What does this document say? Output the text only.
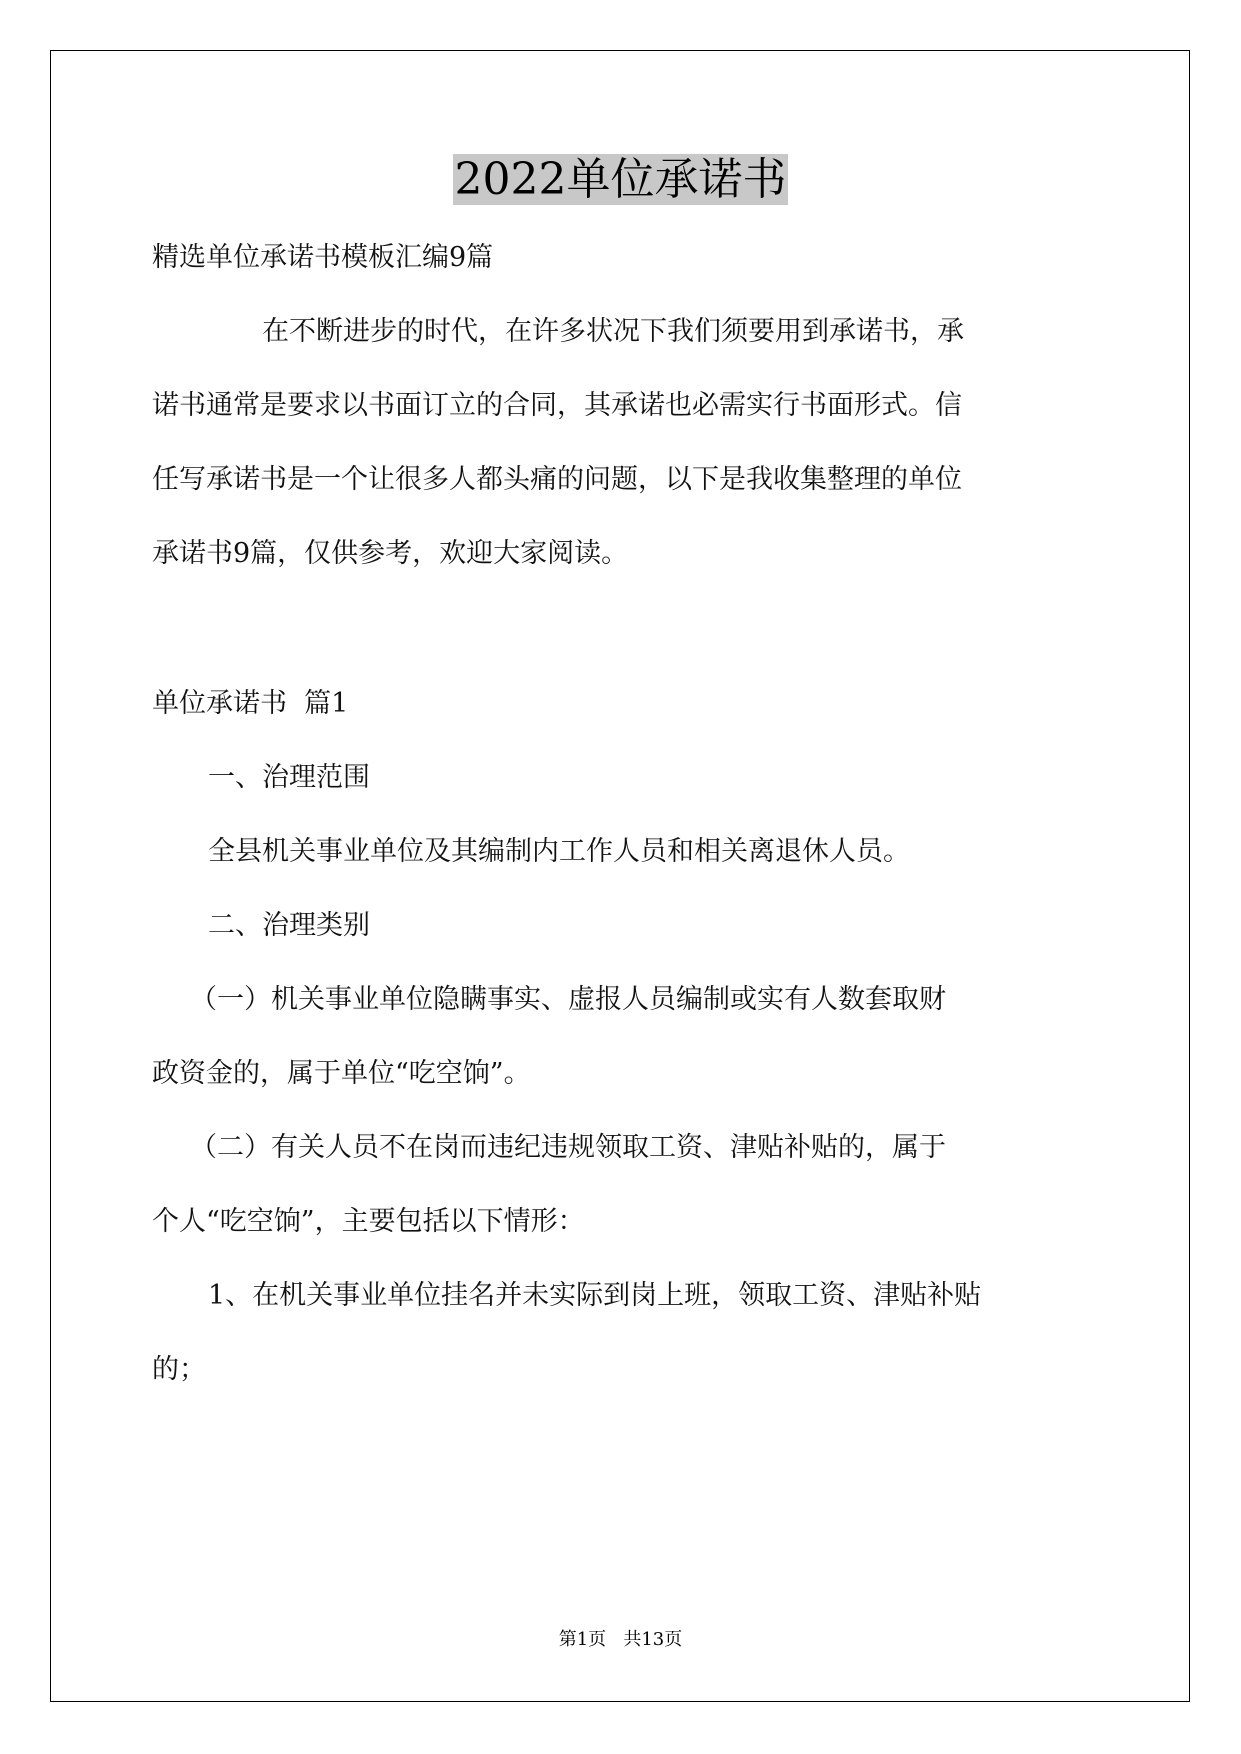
2022单位承诺书

精选单位承诺书模板汇编9篇

在不断进步的时代，在许多状况下我们须要用到承诺书，承

诺书通常是要求以书面订立的合同，其承诺也必需实行书面形式。信

任写承诺书是一个让很多人都头痛的问题，以下是我收集整理的单位

承诺书9篇，仅供参考，欢迎大家阅读。

单位承诺书  篇1

一、治理范围

全县机关事业单位及其编制内工作人员和相关离退休人员。

二、治理类别

（一）机关事业单位隐瞒事实、虚报人员编制或实有人数套取财

政资金的，属于单位“吃空饷”。

（二）有关人员不在岗而违纪违规领取工资、津贴补贴的，属于

个人“吃空饷”，主要包括以下情形：

1、在机关事业单位挂名并未实际到岗上班，领取工资、津贴补贴

的；

第1页   共13页
